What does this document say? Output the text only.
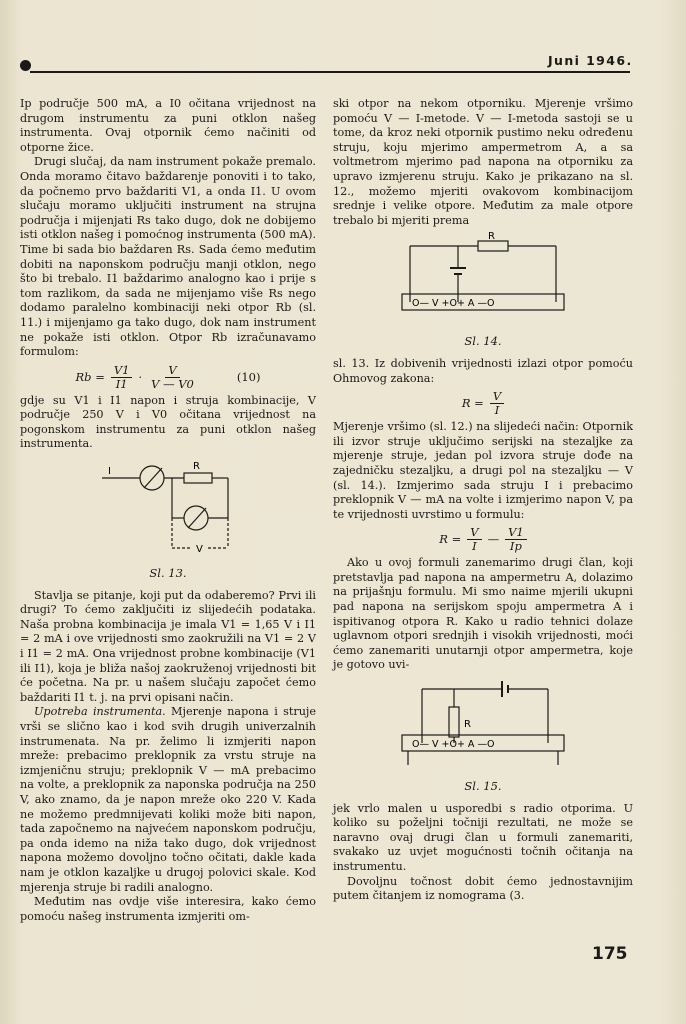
Juni 1946.

Ip područje 500 mA, a I0 očitana vrijednost na drugom instrumentu za puni otklon našeg instrumenta. Ovaj otpornik ćemo načiniti od otporne žice.

Drugi slučaj, da nam instrument pokaže premalo. Onda moramo čitavo baždarenje ponoviti i to tako, da počnemo prvo baždariti V1, a onda I1. U ovom slučaju moramo uključiti instrument na strujna područja i mijenjati Rs tako dugo, dok ne dobijemo isti otklon našeg i pomoćnog instrumenta (500 mA). Time bi sada bio baždaren Rs. Sada ćemo međutim dobiti na naponskom području manji otklon, nego što bi trebalo. I1 baždarimo analogno kao i prije s tom razlikom, da sada ne mijenjamo više Rs nego dodamo paralelno kombinaciji neki otpor Rb (sl. 11.) i mijenjamo ga tako dugo, dok nam instrument ne pokaže isti otklon. Otpor Rb izračunavamo formulom:

$Rb = \frac{V1}{I1} \cdot \frac{V}{V — V0}$	(10)

gdje su V1 i I1 napon i struja kombinacije, V područje 250 V i V0 očitana vrijednost na pogonskom instrumentu za puni otklon našeg instrumenta.

I	R
V
Sl. 13.

Stavlja se pitanje, koji put da odaberemo? Prvi ili drugi? To ćemo zaključiti iz slijedećih podataka. Naša probna kombinacija je imala V1 = 1,65 V i I1 = 2 mA i ove vrijednosti smo zaokružili na V1 = 2 V i I1 = 2 mA. Ona vrijednost probne kombinacije (V1 ili I1), koja je bliža našoj zaokruženoj vrijednosti bit će početna. Na pr. u našem slučaju započet ćemo baždariti I1 t. j. na prvi opisani način.

Upotreba instrumenta. Mjerenje napona i struje vrši se slično kao i kod svih drugih univerzalnih instrumenata. Na pr. želimo li izmjeriti napon mreže: prebacimo preklopnik za vrstu struje na izmjeničnu struju; preklopnik V — mA prebacimo na volte, a preklopnik za naponska područja na 250 V, ako znamo, da je napon mreže oko 220 V. Kada ne možemo predmnijevati koliki može biti napon, tada započnemo na najvećem naponskom području, pa onda idemo na niža tako dugo, dok vrijednost napona možemo dovoljno točno očitati, dakle kada nam je otklon kazaljke u drugoj polovici skale. Kod mjerenja struje bi radili analogno.

Međutim nas ovdje više interesira, kako ćemo pomoću našeg instrumenta izmjeriti om-

ski otpor na nekom otporniku. Mjerenje vršimo pomoću V — I-metode. V — I-metoda sastoji se u tome, da kroz neki otpornik pustimo neku određenu struju, koju mjerimo ampermetrom A, a sa voltmetrom mjerimo pad napona na otporniku za upravo izmjerenu struju. Kako je prikazano na sl. 12., možemo mjeriti ovakovom kombinacijom srednje i velike otpore. Međutim za male otpore trebalo bi mjeriti prema

R
O— V +O+ A —O
Sl. 14.

sl. 13. Iz dobivenih vrijednosti izlazi otpor pomoću Ohmovog zakona:

$R = \frac{V}{I}$

Mjerenje vršimo (sl. 12.) na slijedeći način: Otpornik ili izvor struje uključimo serijski na stezaljke za mjerenje struje, jedan pol izvora struje dođe na zajedničku stezaljku, a drugi pol na stezaljku — V (sl. 14.). Izmjerimo sada struju I i prebacimo preklopnik V — mA na volte i izmjerimo napon V, pa te vrijednosti uvrstimo u formulu:

$R = \frac{V}{I}$ — $\frac{V1}{Ip}$

Ako u ovoj formuli zanemarimo drugi član, koji pretstavlja pad napona na ampermetru A, dolazimo na prijašnju formulu. Mi smo naime mjerili ukupni pad napona na serijskom spoju ampermetra A i ispitivanog otpora R. Kako u radio tehnici dolaze uglavnom otpori srednjih i visokih vrijednosti, moći ćemo zanemariti unutarnji otpor ampermetra, koje je gotovo uvi-

R
O— V +O+ A —O
Sl. 15.

jek vrlo malen u usporedbi s radio otporima. U koliko su poželjni točniji rezultati, ne može se naravno ovaj drugi član u formuli zanemariti, svakako uz uvjet mogućnosti točnih očitanja na instrumentu.

Dovoljnu točnost dobit ćemo jednostavnijim putem čitanjem iz nomograma (3.

175
